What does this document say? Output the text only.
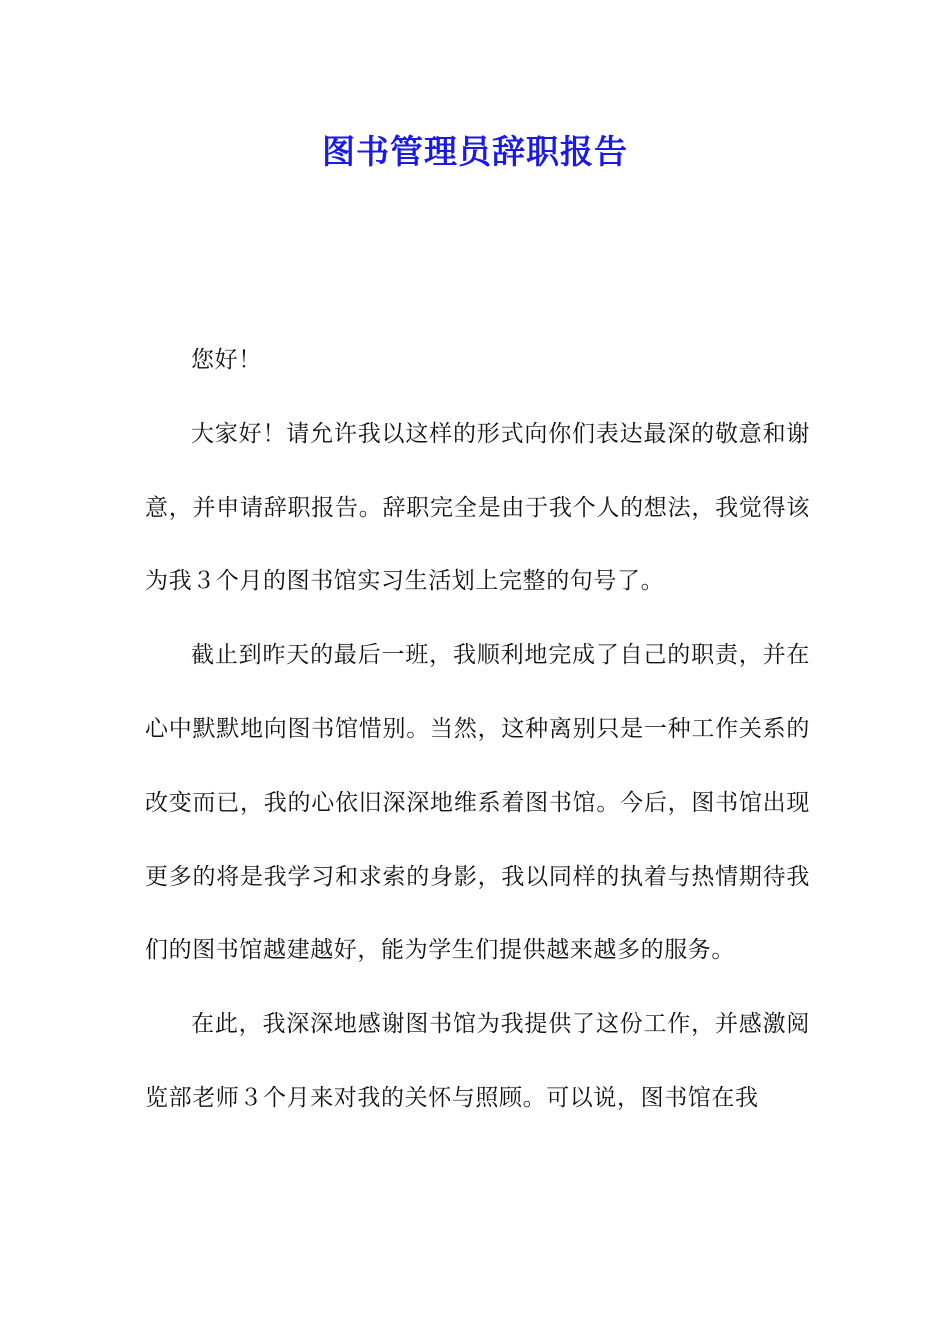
图书管理员辞职报告

您好！

大家好！请允许我以这样的形式向你们表达最深的敬意和谢意，并申请辞职报告。辞职完全是由于我个人的想法，我觉得该为我３个月的图书馆实习生活划上完整的句号了。

截止到昨天的最后一班，我顺利地完成了自己的职责，并在心中默默地向图书馆惜别。当然，这种离别只是一种工作关系的改变而已，我的心依旧深深地维系着图书馆。今后，图书馆出现更多的将是我学习和求索的身影，我以同样的执着与热情期待我们的图书馆越建越好，能为学生们提供越来越多的服务。

在此，我深深地感谢图书馆为我提供了这份工作，并感激阅览部老师３个月来对我的关怀与照顾。可以说，图书馆在我
